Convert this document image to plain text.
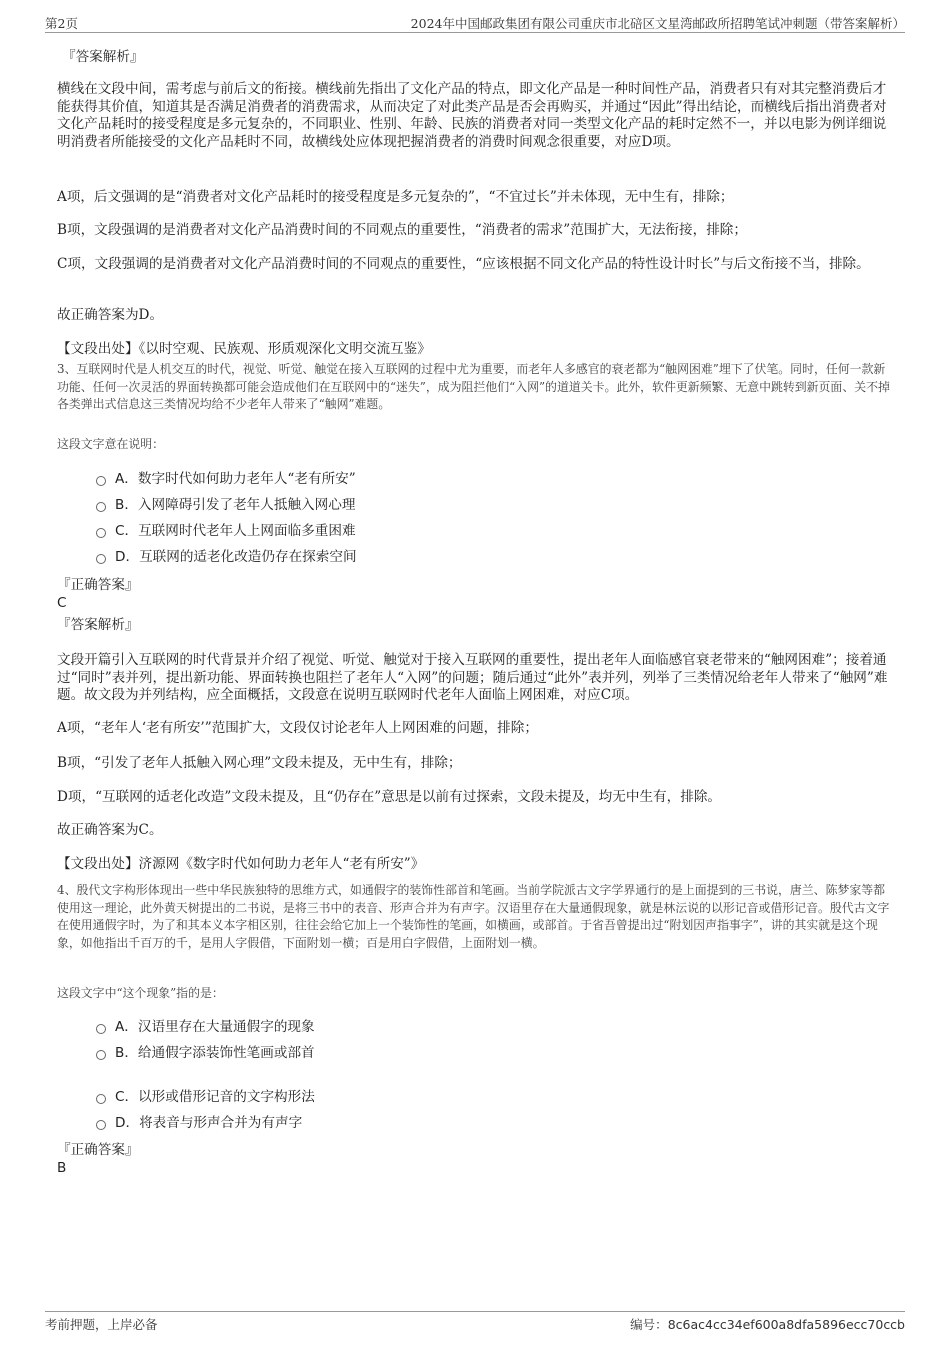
第2页	2024年中国邮政集团有限公司重庆市北碚区文星湾邮政所招聘笔试冲刺题（带答案解析）
『答案解析』
横线在文段中间，需考虑与前后文的衔接。横线前先指出了文化产品的特点，即文化产品是一种时间性产品，消费者只有对其完整消费后才能获得其价值，知道其是否满足消费者的消费需求，从而决定了对此类产品是否会再购买，并通过“因此”得出结论，而横线后指出消费者对文化产品耗时的接受程度是多元复杂的，不同职业、性别、年龄、民族的消费者对同一类型文化产品的耗时定然不一，并以电影为例详细说明消费者所能接受的文化产品耗时不同，故横线处应体现把握消费者的消费时间观念很重要，对应D项。
A项，后文强调的是“消费者对文化产品耗时的接受程度是多元复杂的”，“不宜过长”并未体现，无中生有，排除；
B项，文段强调的是消费者对文化产品消费时间的不同观点的重要性，“消费者的需求”范围扩大，无法衔接，排除；
C项，文段强调的是消费者对文化产品消费时间的不同观点的重要性，“应该根据不同文化产品的特性设计时长”与后文衔接不当，排除。
故正确答案为D。
【文段出处】《以时空观、民族观、形质观深化文明交流互鉴》
3、互联网时代是人机交互的时代，视觉、听觉、触觉在接入互联网的过程中尤为重要，而老年人多感官的衰老都为“触网困难”埋下了伏笔。同时，任何一款新功能、任何一次灵活的界面转换都可能会造成他们在互联网中的“迷失”，成为阻拦他们“入网”的道道关卡。此外，软件更新频繁、无意中跳转到新页面、关不掉各类弹出式信息这三类情况均给不少老年人带来了“触网”难题。
这段文字意在说明：
A．数字时代如何助力老年人“老有所安”
B．入网障碍引发了老年人抵触入网心理
C．互联网时代老年人上网面临多重困难
D．互联网的适老化改造仍存在探索空间
『正确答案』
C
『答案解析』
文段开篇引入互联网的时代背景并介绍了视觉、听觉、触觉对于接入互联网的重要性，提出老年人面临感官衰老带来的“触网困难”；接着通过“同时”表并列，提出新功能、界面转换也阻拦了老年人“入网”的问题；随后通过“此外”表并列，列举了三类情况给老年人带来了“触网”难题。故文段为并列结构，应全面概括，文段意在说明互联网时代老年人面临上网困难，对应C项。
A项，“老年人‘老有所安’”范围扩大，文段仅讨论老年人上网困难的问题，排除；
B项，“引发了老年人抵触入网心理”文段未提及，无中生有，排除；
D项，“互联网的适老化改造”文段未提及，且“仍存在”意思是以前有过探索，文段未提及，均无中生有，排除。
故正确答案为C。
【文段出处】济源网《数字时代如何助力老年人“老有所安”》
4、殷代文字构形体现出一些中华民族独特的思维方式，如通假字的装饰性部首和笔画。当前学院派古文字学界通行的是上面提到的三书说，唐兰、陈梦家等都使用这一理论，此外黄天树提出的二书说，是将三书中的表音、形声合并为有声字。汉语里存在大量通假现象，就是林沄说的以形记音或借形记音。殷代古文字在使用通假字时，为了和其本义本字相区别，往往会给它加上一个装饰性的笔画，如横画，或部首。于省吾曾提出过“附划因声指事字”，讲的其实就是这个现象，如他指出千百万的千，是用人字假借，下面附划一横；百是用白字假借，上面附划一横。
这段文字中“这个现象”指的是：
A．汉语里存在大量通假字的现象
B．给通假字添装饰性笔画或部首
C．以形或借形记音的文字构形法
D．将表音与形声合并为有声字
『正确答案』
B
考前押题，上岸必备	编号：8c6ac4cc34ef600a8dfa5896ecc70ccb
